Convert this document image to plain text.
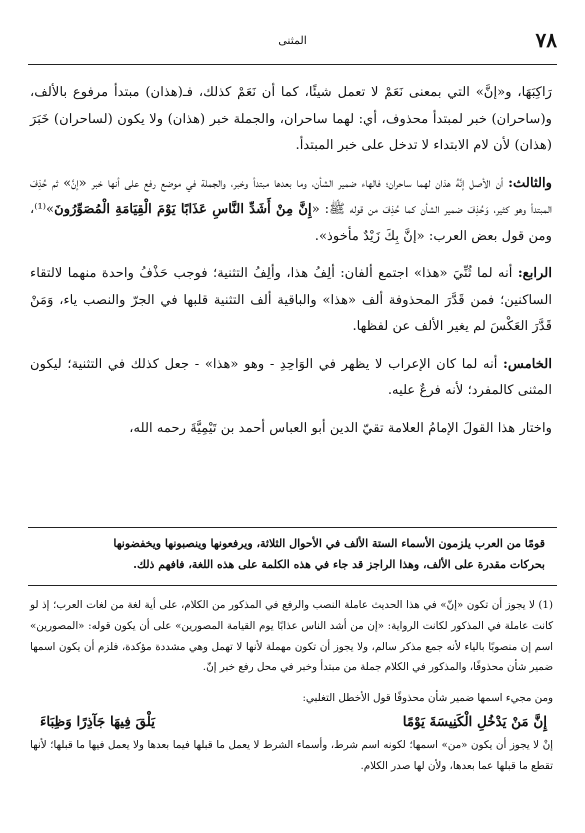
٧٨
المثنى

رَاكِبَهَا، و«إنَّ» التي بمعنى نَعَمْ لا تعمل شيئًا، كما أن نَعَمْ كذلك، فـ(هذان) مبتدأ مرفوع بالألف، و(ساحران) خبر لمبتدأ محذوف، أي: لهما ساحران، والجملة خبر (هذان) ولا يكون (لساحران) خَبَرَ (هذان) لأن لام الابتداء لا تدخل على خبر المبتدأ.

والثالث: أن الأصل إنَّهُ هذان لهما ساحران؛ فالهاء ضمير الشأن، وما بعدها مبتدأ وخبر، والجملة في موضع رفع على أنها خبر «إنَّ» ثم حُذِفَ المبتدأ وهو كثير، وَحُذِفَ ضمير الشأن كما حُذِفَ من قوله ﷺ: «إِنَّ مِنْ أَشَدِّ النَّاسِ عَذَابًا يَوْمَ الْقِيَامَةِ الْمُصَوِّرُونَ»⁽¹⁾، ومن قول بعض العرب: «إنَّ بِكَ زَيْدٌ مأخوذ».

الرابع: أنه لما ثُنِّيَ «هذا» اجتمع ألفان: ألِفُ هذا، وألِفُ التثنية؛ فوجب حَذْفُ واحدة منهما لالتقاء الساكنين؛ فمن قَدَّرَ المحذوفة ألف «هذا» والباقية ألف التثنية قلبها في الجرّ والنصب ياء، وَمَنْ قَدَّرَ العَكْسَ لم يغير الألف عن لفظها.

الخامس: أنه لما كان الإعراب لا يظهر في الوَاحِدِ - وهو «هذا» - جعل كذلك في التثنية؛ ليكون المثنى كالمفرد؛ لأنه فرعٌ عليه.

واختار هذا القولَ الإمامُ العلامة تقيّ الدين أبو العباس أحمد بن تَيْمِيَّةَ رحمه الله،

قومًا من العرب يلزمون الأسماء الستة الألف في الأحوال الثلاثة، ويرفعونها وينصبونها ويخفضونها

بحركات مقدرة على الألف، وهذا الراجز قد جاء في هذه الكلمة على هذه اللغة، فافهم ذلك.

(1) لا يجوز أن تكون «إنّ» في هذا الحديث عاملة النصب والرفع في المذكور من الكلام، على أية لغة من لغات العرب؛ إذ لو كانت عاملة في المذكور لكانت الرواية: «إن من أشد الناس عذابًا يوم القيامة المصورين» على أن يكون قوله: «المصورين» اسم إن منصوبًا بالياء لأنه جمع مذكر سالم، ولا يجوز أن تكون مهملة لأنها لا تهمل وهي مشددة مؤكدة، فلزم أن يكون اسمها ضمير شأن محذوفًا، والمذكور في الكلام جملة من مبتدأ وخبر في محل رفع خبر إنّ.

ومن مجيء اسمها ضمير شأن محذوفًا قول الأخطل التغلبي:

إِنَّ مَنْ يَدْخُلِ الْكَنِيسَةَ يَوْمًا
يَلْقَ فِيهَا جَآذِرًا وَظِبَاءَ

إنْ لا يجوز أن يكون «من» اسمها؛ لكونه اسم شرط، وأسماء الشرط لا يعمل ما قبلها فيما بعدها ولا يعمل فيها ما قبلها؛ لأنها تقطع ما قبلها عما بعدها، ولأن لها صدر الكلام.
